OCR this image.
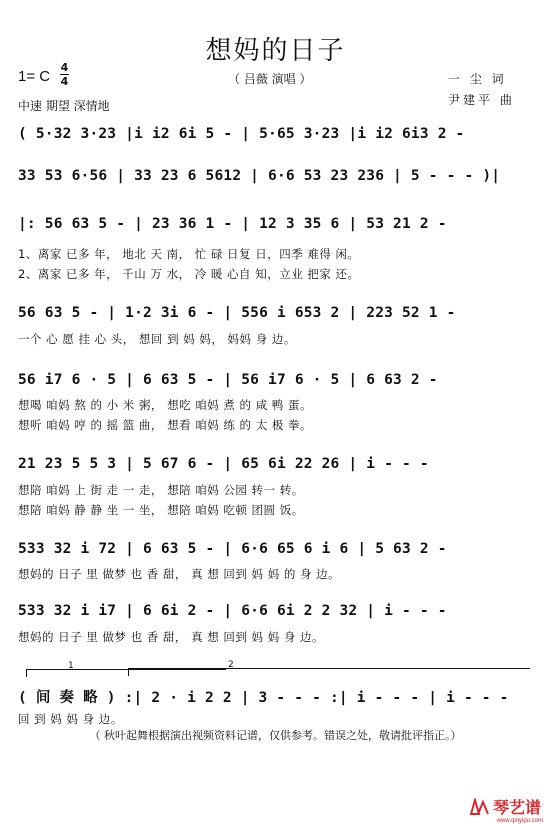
想妈的日子
1= C
4
4	（ 吕薇 演唱 ）
中速 期望 深情地
一 尘 词
尹建平 曲
( 5·32 3·23 |i i2 6i 5 - | 5·65 3·23 |i i2 6i3 2 -
33 53 6·56 | 33 23 6 5612 | 6·6 53 23 236 | 5 - - - )|
|: 56 63 5 - | 23 36 1 - | 12 3 35 6 | 53 21 2 -
1、离家 已多 年， 地北 天 南， 忙 碌 日复 日，四季 难得 闲。
2、离家 已多 年， 千山 万 水， 冷 暖 心自 知，立业 把家 还。
56 63 5 - | 1·2 3i 6 - | 556 i 653 2 | 223 52 1 -
一个 心 愿 挂 心 头， 想回 到 妈 妈， 妈妈 身 边。
56 i7 6 · 5 | 6 63 5 - | 56 i7 6 · 5 | 6 63 2 -
想喝 咱妈 熬 的 小 米 粥， 想吃 咱妈 煮 的 咸 鸭 蛋。
想听 咱妈 哼 的 摇 篮 曲， 想看 咱妈 练 的 太 极 拳。
21 23 5 5 3 | 5 67 6 - | 65 6i 22 26 | i - - -
想陪 咱妈 上 街 走 一 走， 想陪 咱妈 公园 转一 转。
想陪 咱妈 静 静 坐 一 坐， 想陪 咱妈 吃顿 团圆 饭。
533 32 i 72 | 6 63 5 - | 6·6 65 6 i 6 | 5 63 2 -
想妈的 日子 里 做梦 也 香 甜， 真 想 回到 妈 妈 的 身 边。
533 32 i i7 | 6 6i 2 - | 6·6 6i 2 2 32 | i - - -
想妈的 日子 里 做梦 也 香 甜， 真 想 回到 妈 妈 身 边。
1	2
( 间 奏 略 ) :| 2 · i 2 2 | 3 - - - :| i - - - | i - - -
回 到 妈 妈 身 边。
（ 秋叶起舞根据演出视频资料记谱，仅供参考。错误之处，敬请批评指正。）
琴艺谱
www.qinyipu.com
